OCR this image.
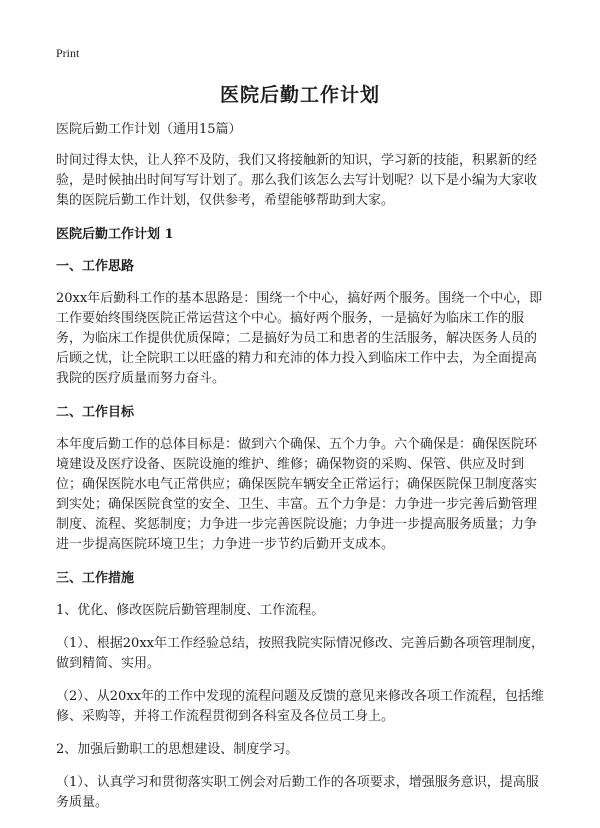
Print
医院后勤工作计划

医院后勤工作计划（通用15篇）

时间过得太快，让人猝不及防，我们又将接触新的知识，学习新的技能，积累新的经验，是时候抽出时间写写计划了。那么我们该怎么去写计划呢？以下是小编为大家收集的医院后勤工作计划，仅供参考，希望能够帮助到大家。

医院后勤工作计划 1

一、工作思路

20xx年后勤科工作的基本思路是：围绕一个中心，搞好两个服务。围绕一个中心，即工作要始终围绕医院正常运营这个中心。搞好两个服务，一是搞好为临床工作的服务，为临床工作提供优质保障；二是搞好为员工和患者的生活服务，解决医务人员的后顾之忧，让全院职工以旺盛的精力和充沛的体力投入到临床工作中去，为全面提高我院的医疗质量而努力奋斗。

二、工作目标

本年度后勤工作的总体目标是：做到六个确保、五个力争。六个确保是：确保医院环境建设及医疗设备、医院设施的维护、维修；确保物资的采购、保管、供应及时到位；确保医院水电气正常供应；确保医院车辆安全正常运行；确保医院保卫制度落实到实处；确保医院食堂的安全、卫生、丰富。五个力争是：力争进一步完善后勤管理制度、流程、奖惩制度；力争进一步完善医院设施；力争进一步提高服务质量；力争进一步提高医院环境卫生；力争进一步节约后勤开支成本。

三、工作措施

1、优化、修改医院后勤管理制度、工作流程。

（1）、根据20xx年工作经验总结，按照我院实际情况修改、完善后勤各项管理制度，做到精简、实用。

（2）、从20xx年的工作中发现的流程问题及反馈的意见来修改各项工作流程，包括维修、采购等，并将工作流程贯彻到各科室及各位员工身上。

2、加强后勤职工的思想建设、制度学习。

（1）、认真学习和贯彻落实职工例会对后勤工作的各项要求，增强服务意识，提高服务质量。
